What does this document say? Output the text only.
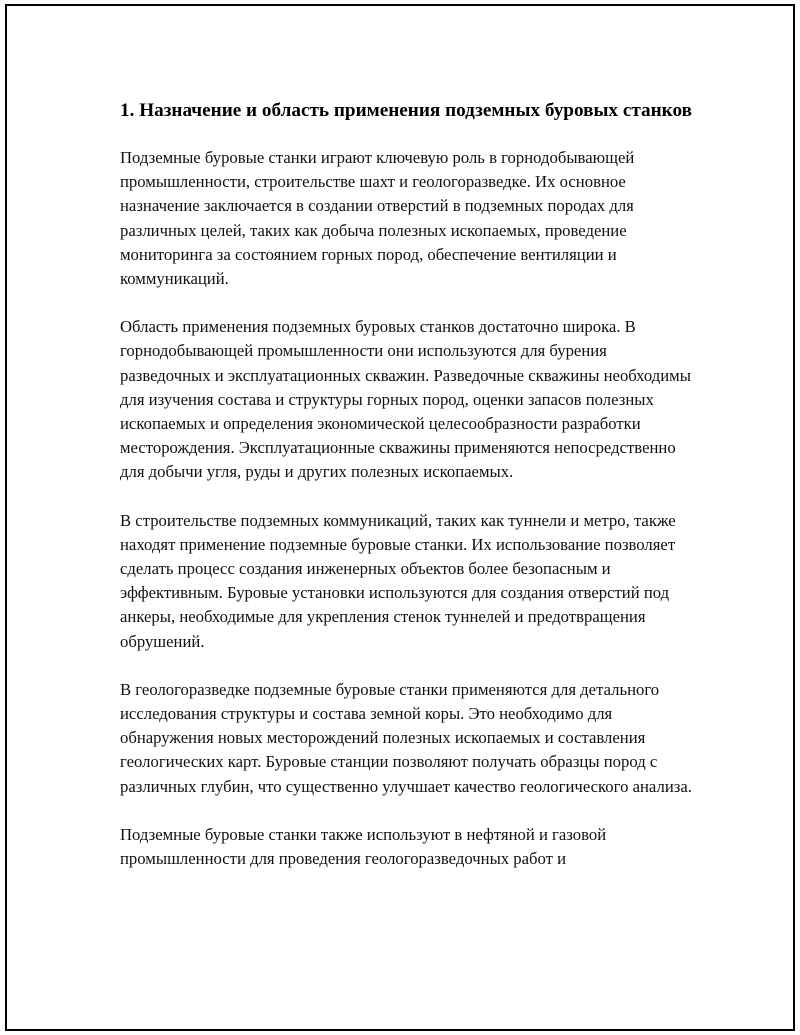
1. Назначение и область применения подземных буровых станков

Подземные буровые станки играют ключевую роль в горнодобывающей промышленности, строительстве шахт и геологоразведке. Их основное назначение заключается в создании отверстий в подземных породах для различных целей, таких как добыча полезных ископаемых, проведение мониторинга за состоянием горных пород, обеспечение вентиляции и коммуникаций.

Область применения подземных буровых станков достаточно широка. В горнодобывающей промышленности они используются для бурения разведочных и эксплуатационных скважин. Разведочные скважины необходимы для изучения состава и структуры горных пород, оценки запасов полезных ископаемых и определения экономической целесообразности разработки месторождения. Эксплуатационные скважины применяются непосредственно для добычи угля, руды и других полезных ископаемых.

В строительстве подземных коммуникаций, таких как туннели и метро, также находят применение подземные буровые станки. Их использование позволяет сделать процесс создания инженерных объектов более безопасным и эффективным. Буровые установки используются для создания отверстий под анкеры, необходимые для укрепления стенок туннелей и предотвращения обрушений.

В геологоразведке подземные буровые станки применяются для детального исследования структуры и состава земной коры. Это необходимо для обнаружения новых месторождений полезных ископаемых и составления геологических карт. Буровые станции позволяют получать образцы пород с различных глубин, что существенно улучшает качество геологического анализа.

Подземные буровые станки также используют в нефтяной и газовой промышленности для проведения геологоразведочных работ и
